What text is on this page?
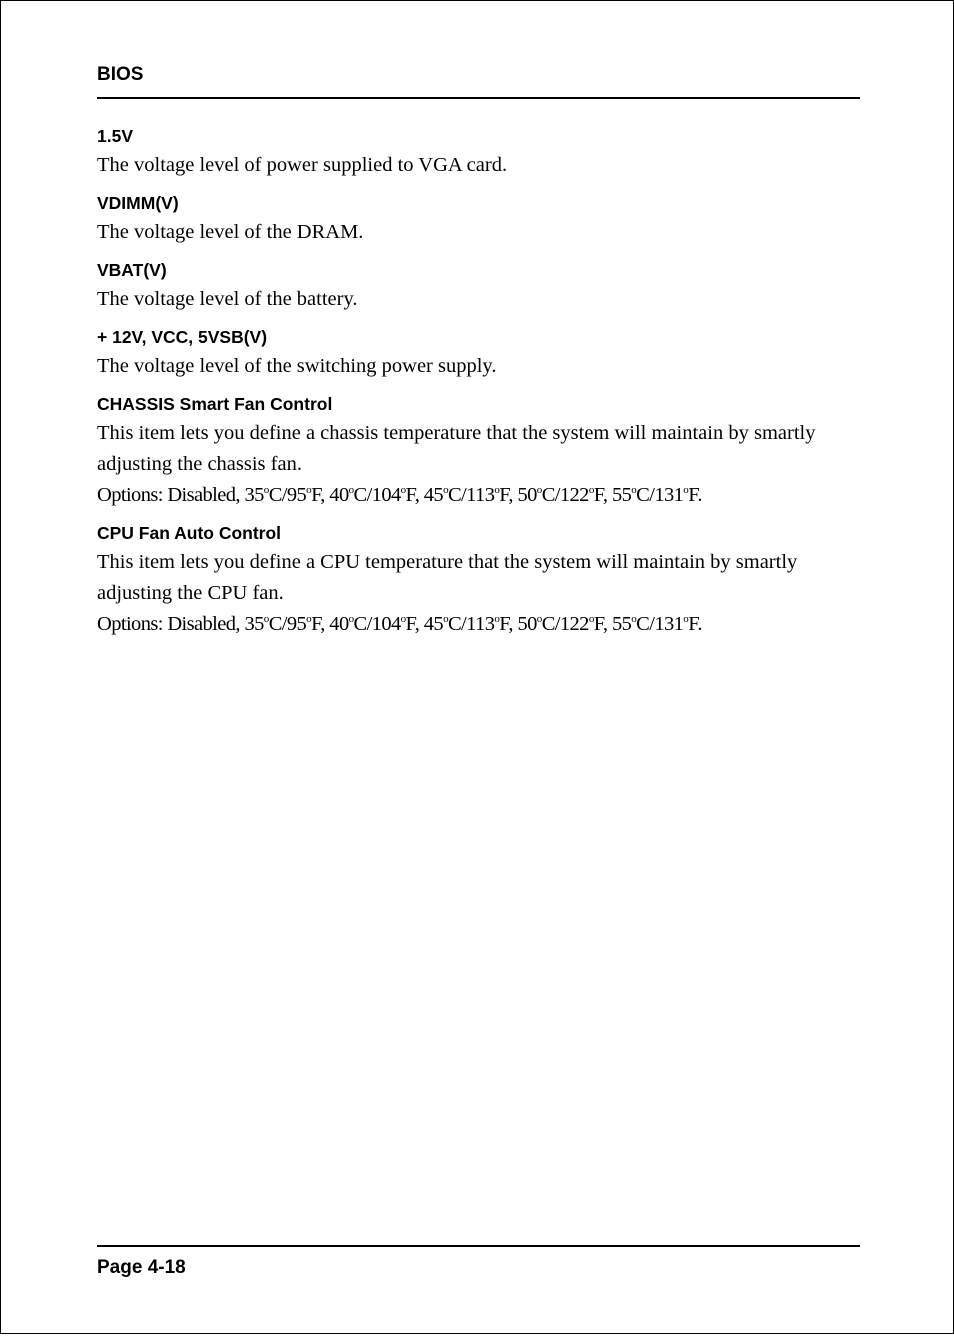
BIOS
1.5V

The voltage level of power supplied to VGA card.

VDIMM(V)

The voltage level of the DRAM.

VBAT(V)

The voltage level of the battery.

+ 12V, VCC, 5VSB(V)

The voltage level of the switching power supply.

CHASSIS Smart Fan Control

This item lets you define a chassis temperature that the system will maintain by smartly adjusting the chassis fan.

Options: Disabled, 35$^o$C/95$^o$F, 40$^o$C/104$^o$F, 45$^o$C/113$^o$F, 50$^o$C/122$^o$F, 55$^o$C/131$^o$F.

CPU Fan Auto Control

This item lets you define a CPU temperature that the system will maintain by smartly adjusting the CPU fan.

Options: Disabled, 35$^o$C/95$^o$F, 40$^o$C/104$^o$F, 45$^o$C/113$^o$F, 50$^o$C/122$^o$F, 55$^o$C/131$^o$F.

Page 4-18
